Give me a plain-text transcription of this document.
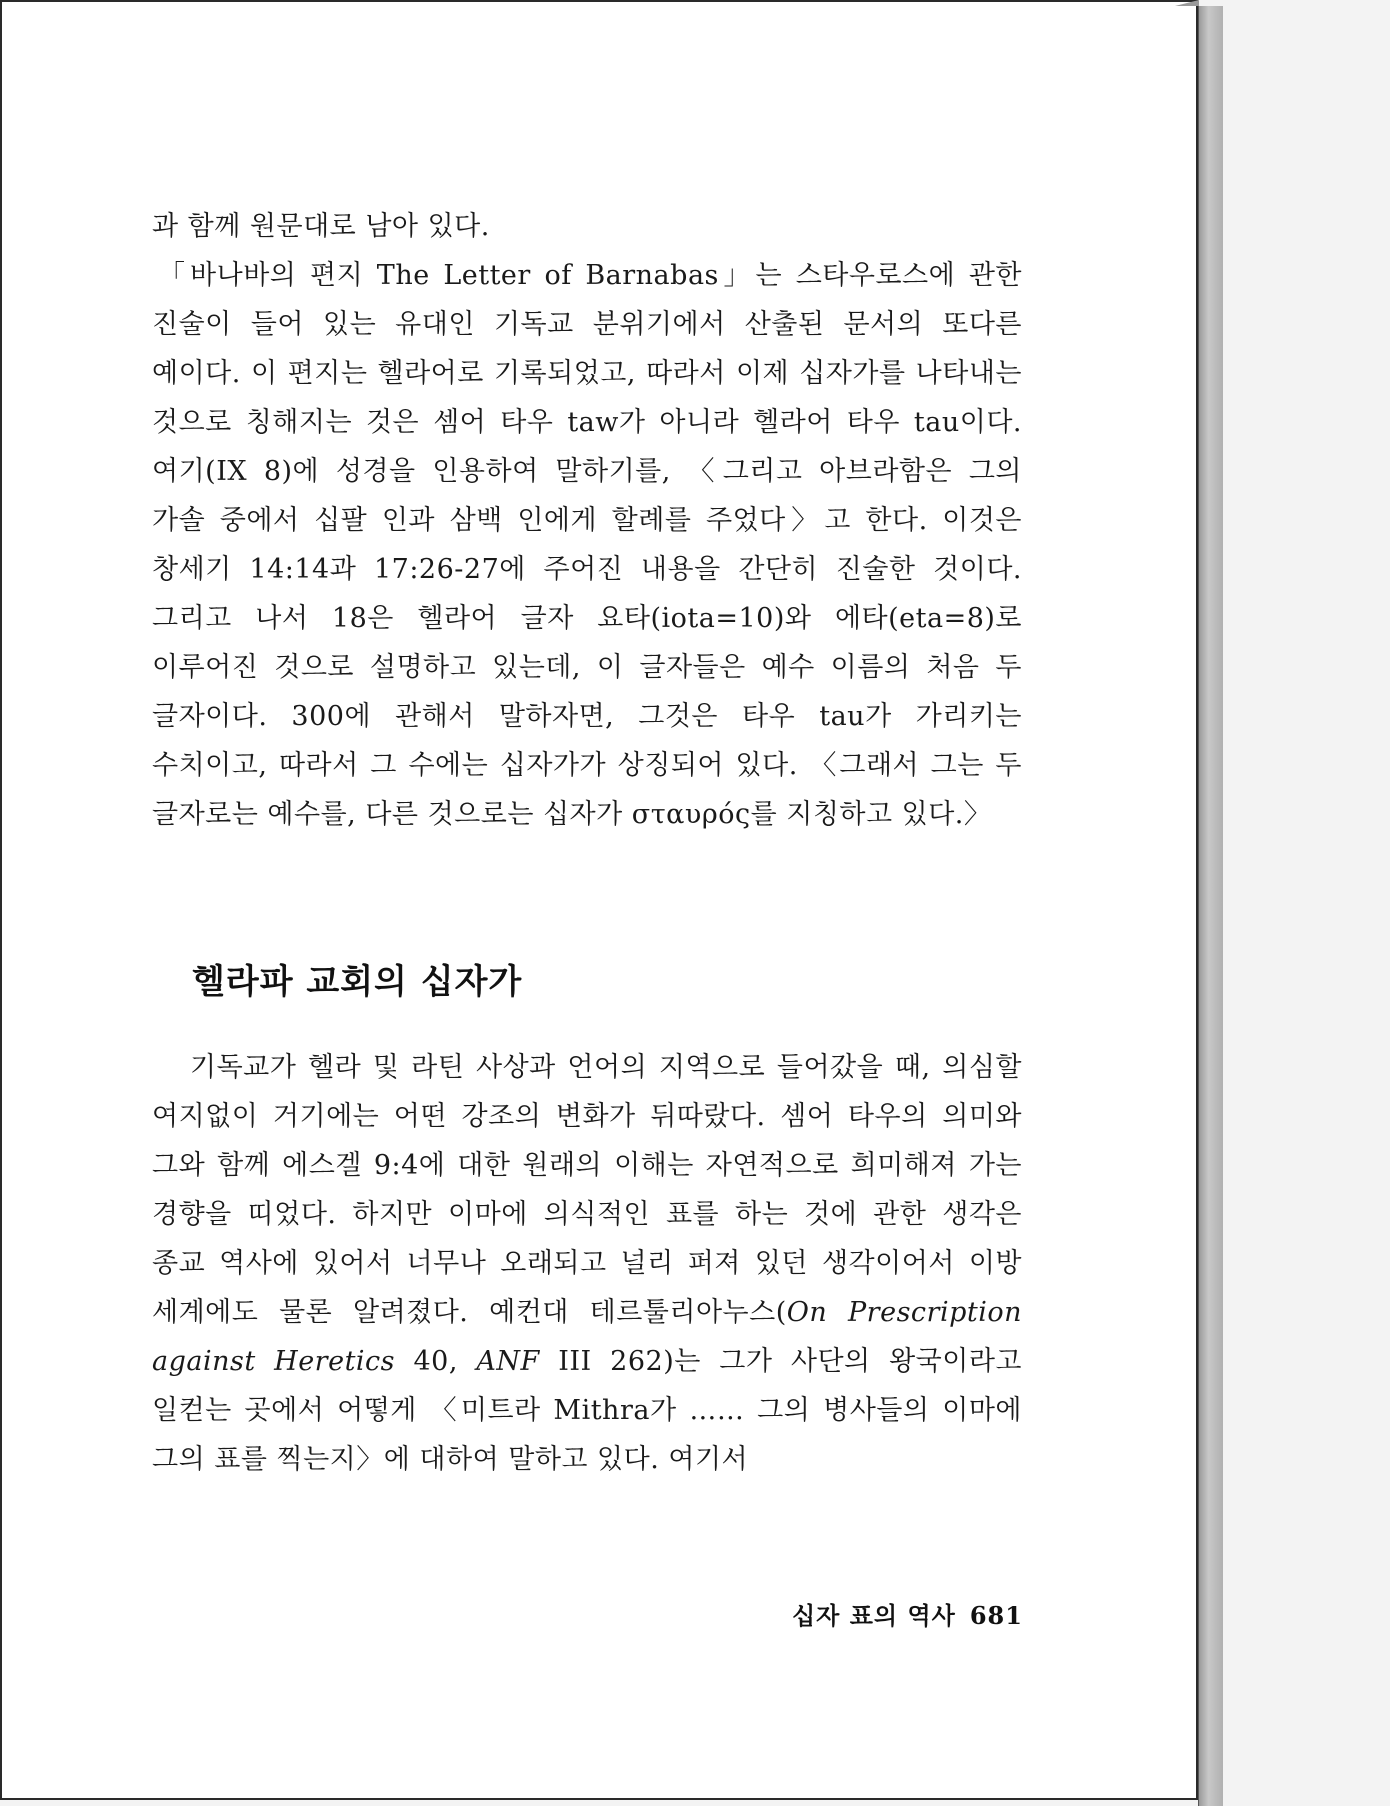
과 함께 원문대로 남아 있다.

「바나바의 편지 The Letter of Barnabas」는 스타우로스에 관한 진술이 들어 있는 유대인 기독교 분위기에서 산출된 문서의 또다른 예이다. 이 편지는 헬라어로 기록되었고, 따라서 이제 십자가를 나타내는 것으로 칭해지는 것은 셈어 타우 taw가 아니라 헬라어 타우 tau이다. 여기(IX 8)에 성경을 인용하여 말하기를, 〈그리고 아브라함은 그의 가솔 중에서 십팔 인과 삼백 인에게 할례를 주었다〉고 한다. 이것은 창세기 14:14과 17:26-27에 주어진 내용을 간단히 진술한 것이다. 그리고 나서 18은 헬라어 글자 요타(iota=10)와 에타(eta=8)로 이루어진 것으로 설명하고 있는데, 이 글자들은 예수 이름의 처음 두 글자이다. 300에 관해서 말하자면, 그것은 타우 tau가 가리키는 수치이고, 따라서 그 수에는 십자가가 상징되어 있다. 〈그래서 그는 두 글자로는 예수를, 다른 것으로는 십자가 σταυρός를 지칭하고 있다.〉

헬라파 교회의 십자가

기독교가 헬라 및 라틴 사상과 언어의 지역으로 들어갔을 때, 의심할 여지없이 거기에는 어떤 강조의 변화가 뒤따랐다. 셈어 타우의 의미와 그와 함께 에스겔 9:4에 대한 원래의 이해는 자연적으로 희미해져 가는 경향을 띠었다. 하지만 이마에 의식적인 표를 하는 것에 관한 생각은 종교 역사에 있어서 너무나 오래되고 널리 퍼져 있던 생각이어서 이방 세계에도 물론 알려졌다. 예컨대 테르툴리아누스(On Prescription against Heretics 40, ANF III 262)는 그가 사단의 왕국이라고 일컫는 곳에서 어떻게 〈미트라 Mithra가 …… 그의 병사들의 이마에 그의 표를 찍는지〉에 대하여 말하고 있다. 여기서

십자 표의 역사 681
